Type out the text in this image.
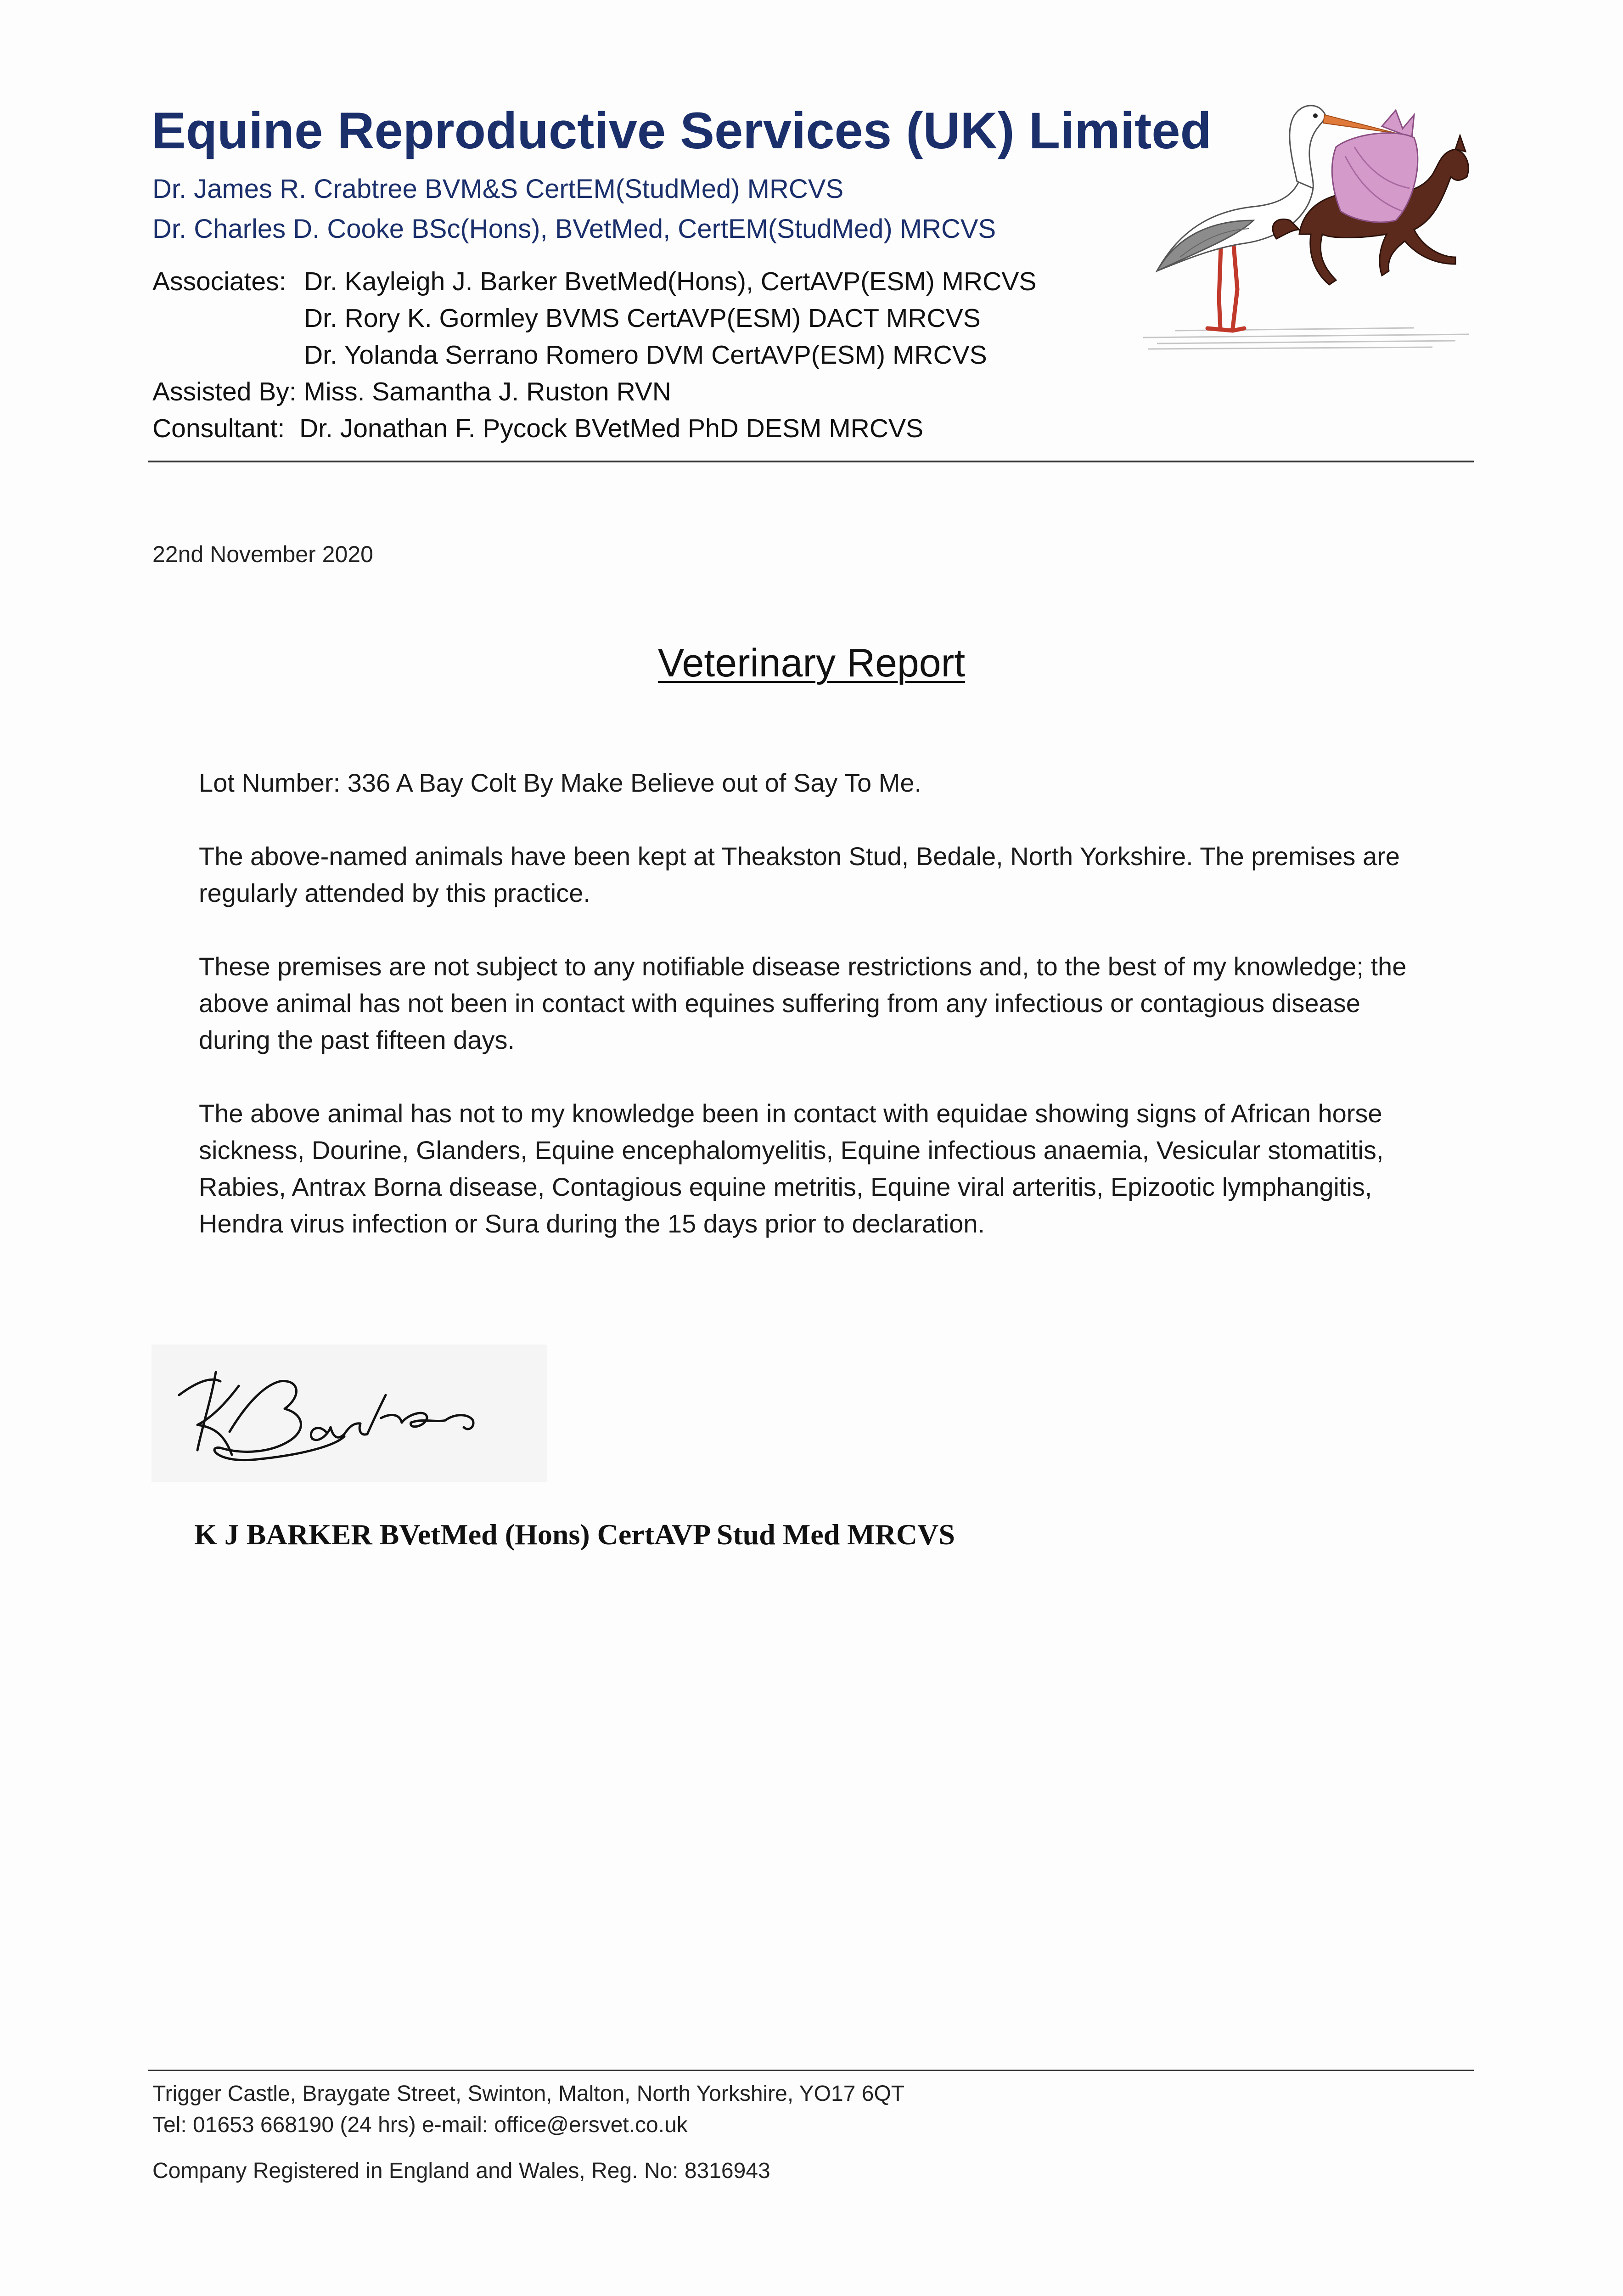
Equine Reproductive Services (UK) Limited
Dr. James R. Crabtree BVM&S CertEM(StudMed) MRCVS
Dr. Charles D. Cooke BSc(Hons), BVetMed, CertEM(StudMed) MRCVS
Associates: Dr. Kayleigh J. Barker BvetMed(Hons), CertAVP(ESM) MRCVS
Dr. Rory K. Gormley BVMS CertAVP(ESM) DACT MRCVS
Dr. Yolanda Serrano Romero DVM CertAVP(ESM) MRCVS
Assisted By: Miss. Samantha J. Ruston RVN
Consultant: Dr. Jonathan F. Pycock BVetMed PhD DESM MRCVS
22nd November 2020
Veterinary Report
Lot Number: 336 A Bay Colt By Make Believe out of Say To Me.
The above-named animals have been kept at Theakston Stud, Bedale, North Yorkshire. The premises are regularly attended by this practice.
These premises are not subject to any notifiable disease restrictions and, to the best of my knowledge; the above animal has not been in contact with equines suffering from any infectious or contagious disease during the past fifteen days.
The above animal has not to my knowledge been in contact with equidae showing signs of African horse sickness, Dourine, Glanders, Equine encephalomyelitis, Equine infectious anaemia, Vesicular stomatitis, Rabies, Antrax Borna disease, Contagious equine metritis, Equine viral arteritis, Epizootic lymphangitis, Hendra virus infection or Sura during the 15 days prior to declaration.
K J BARKER BVetMed (Hons) CertAVP Stud Med MRCVS
Trigger Castle, Braygate Street, Swinton, Malton, North Yorkshire, YO17 6QT
Tel: 01653 668190 (24 hrs) e-mail: office@ersvet.co.uk
Company Registered in England and Wales, Reg. No: 8316943
